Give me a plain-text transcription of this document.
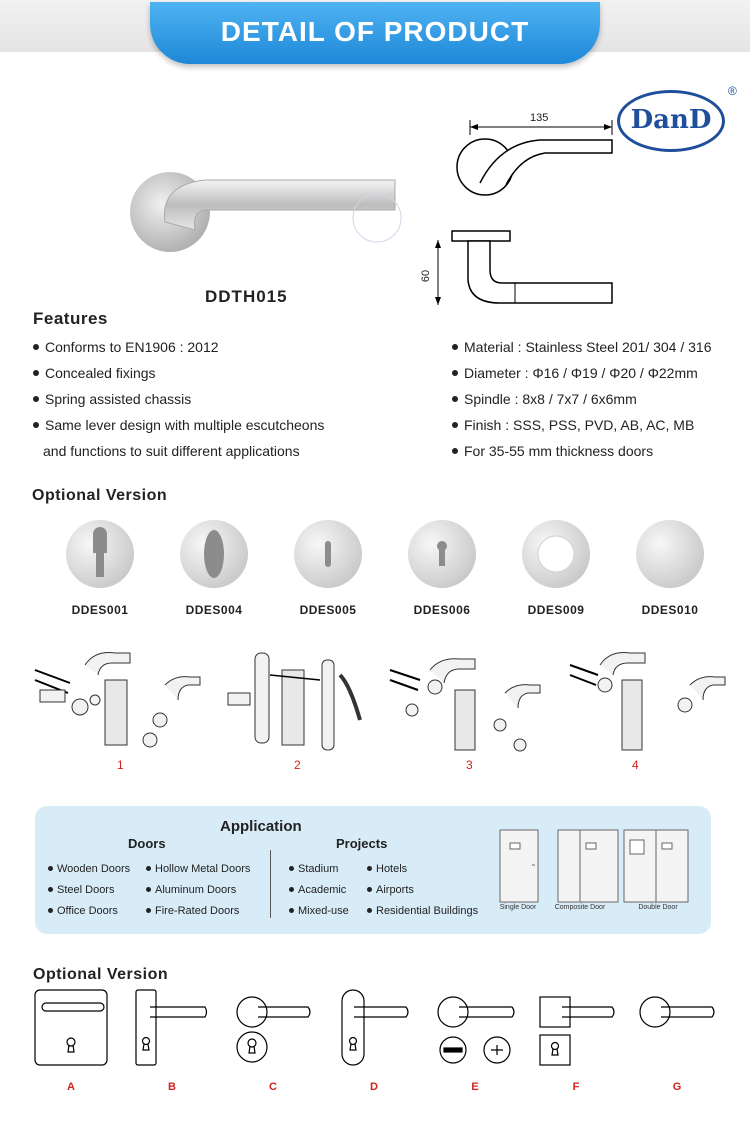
DETAIL OF PRODUCT
DanD
®
135
60
DDTH015
Features
Conforms to EN1906 : 2012
Concealed fixings
Spring assisted chassis
Same lever design with multiple escutcheons
and functions to suit different applications
Material : Stainless Steel 201/ 304 / 316
Diameter : Φ16 / Φ19 / Φ20 / Φ22mm
Spindle : 8x8 / 7x7 / 6x6mm
Finish : SSS, PSS, PVD, AB, AC, MB
For 35-55 mm thickness doors
Optional Version
DDES001	DDES004	DDES005	DDES006	DDES009	DDES010
1	2	3	4
Application
Doors	Projects
Wooden Doors
Steel Doors
Office Doors
Hollow Metal Doors
Aluminum Doors
Fire-Rated Doors
Stadium
Academic
Mixed-use
Hotels
Airports
Residential Buildings	Single Door	Composite Door	Double Door
Optional Version
A	B	C	D	E	F	G
